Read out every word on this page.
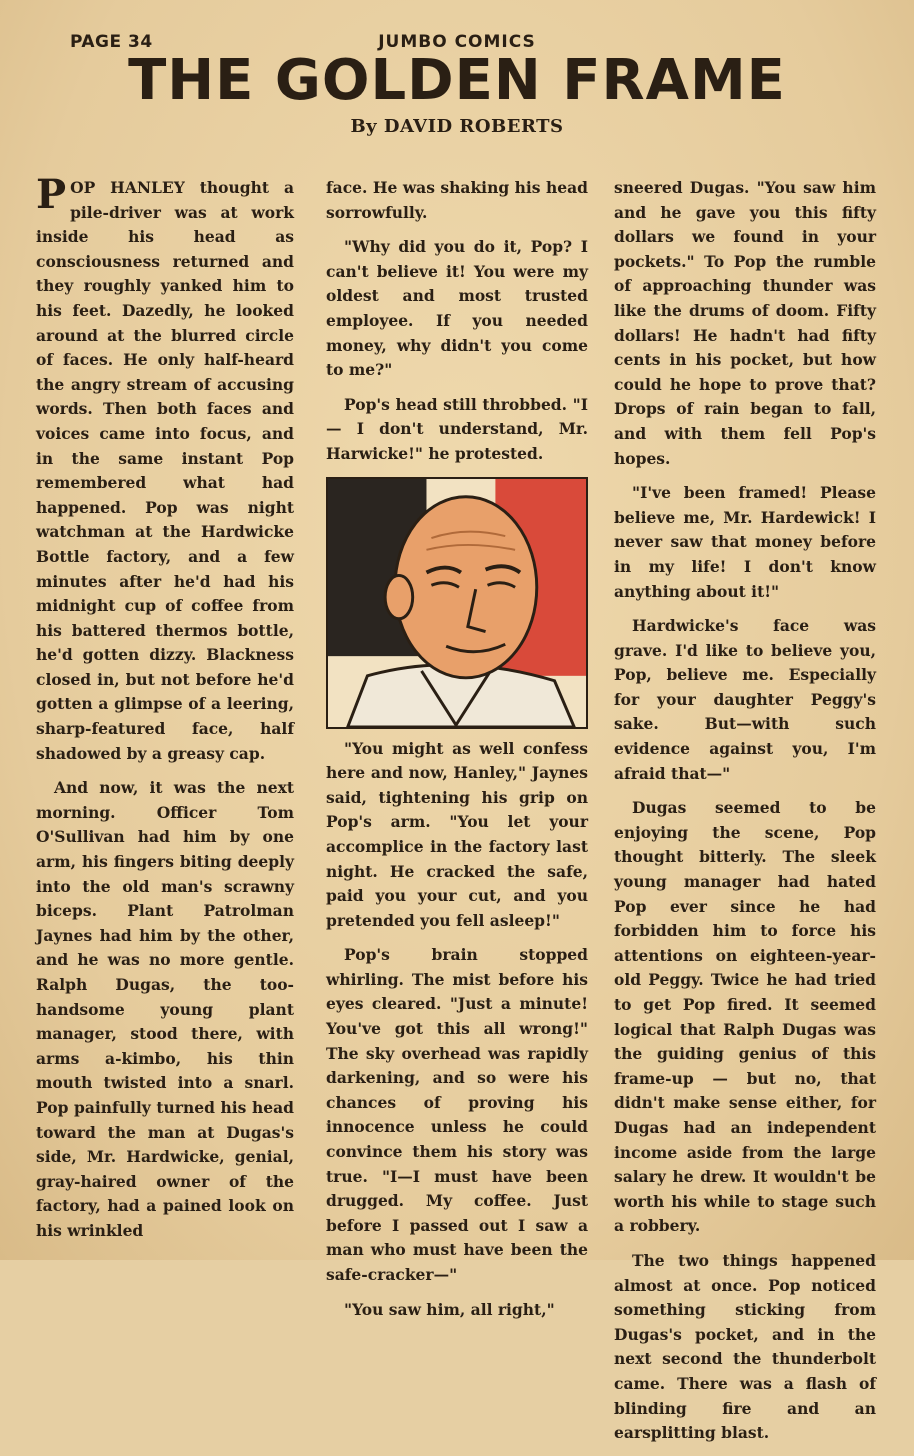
PAGE 34	JUMBO COMICS
THE GOLDEN FRAME
By DAVID ROBERTS

POP HANLEY thought a pile-driver was at work inside his head as consciousness returned and they roughly yanked him to his feet. Dazedly, he looked around at the blurred circle of faces. He only half-heard the angry stream of accusing words. Then both faces and voices came into focus, and in the same instant Pop remembered what had happened. Pop was night watchman at the Hardwicke Bottle factory, and a few minutes after he'd had his midnight cup of coffee from his battered thermos bottle, he'd gotten dizzy. Blackness closed in, but not before he'd gotten a glimpse of a leering, sharp-featured face, half shadowed by a greasy cap.

And now, it was the next morning. Officer Tom O'Sullivan had him by one arm, his fingers biting deeply into the old man's scrawny biceps. Plant Patrolman Jaynes had him by the other, and he was no more gentle. Ralph Dugas, the too-handsome young plant manager, stood there, with arms a-kimbo, his thin mouth twisted into a snarl. Pop painfully turned his head toward the man at Dugas's side, Mr. Hardwicke, genial, gray-haired owner of the factory, had a pained look on his wrinkled

face. He was shaking his head sorrowfully.

"Why did you do it, Pop? I can't believe it! You were my oldest and most trusted employee. If you needed money, why didn't you come to me?"

Pop's head still throbbed. "I — I don't understand, Mr. Harwicke!" he protested.

"You might as well confess here and now, Hanley," Jaynes said, tightening his grip on Pop's arm. "You let your accomplice in the factory last night. He cracked the safe, paid you your cut, and you pretended you fell asleep!"

Pop's brain stopped whirling. The mist before his eyes cleared. "Just a minute! You've got this all wrong!" The sky overhead was rapidly darkening, and so were his chances of proving his innocence unless he could convince them his story was true. "I—I must have been drugged. My coffee. Just before I passed out I saw a man who must have been the safe-cracker—"

"You saw him, all right,"

sneered Dugas. "You saw him and he gave you this fifty dollars we found in your pockets." To Pop the rumble of approaching thunder was like the drums of doom. Fifty dollars! He hadn't had fifty cents in his pocket, but how could he hope to prove that? Drops of rain began to fall, and with them fell Pop's hopes.

"I've been framed! Please believe me, Mr. Hardewick! I never saw that money before in my life! I don't know anything about it!"

Hardwicke's face was grave. I'd like to believe you, Pop, believe me. Especially for your daughter Peggy's sake. But—with such evidence against you, I'm afraid that—"

Dugas seemed to be enjoying the scene, Pop thought bitterly. The sleek young manager had hated Pop ever since he had forbidden him to force his attentions on eighteen-year-old Peggy. Twice he had tried to get Pop fired. It seemed logical that Ralph Dugas was the guiding genius of this frame-up — but no, that didn't make sense either, for Dugas had an independent income aside from the large salary he drew. It wouldn't be worth his while to stage such a robbery.

The two things happened almost at once. Pop noticed something sticking from Dugas's pocket, and in the next second the thunderbolt came. There was a flash of blinding fire and an earsplitting blast.
